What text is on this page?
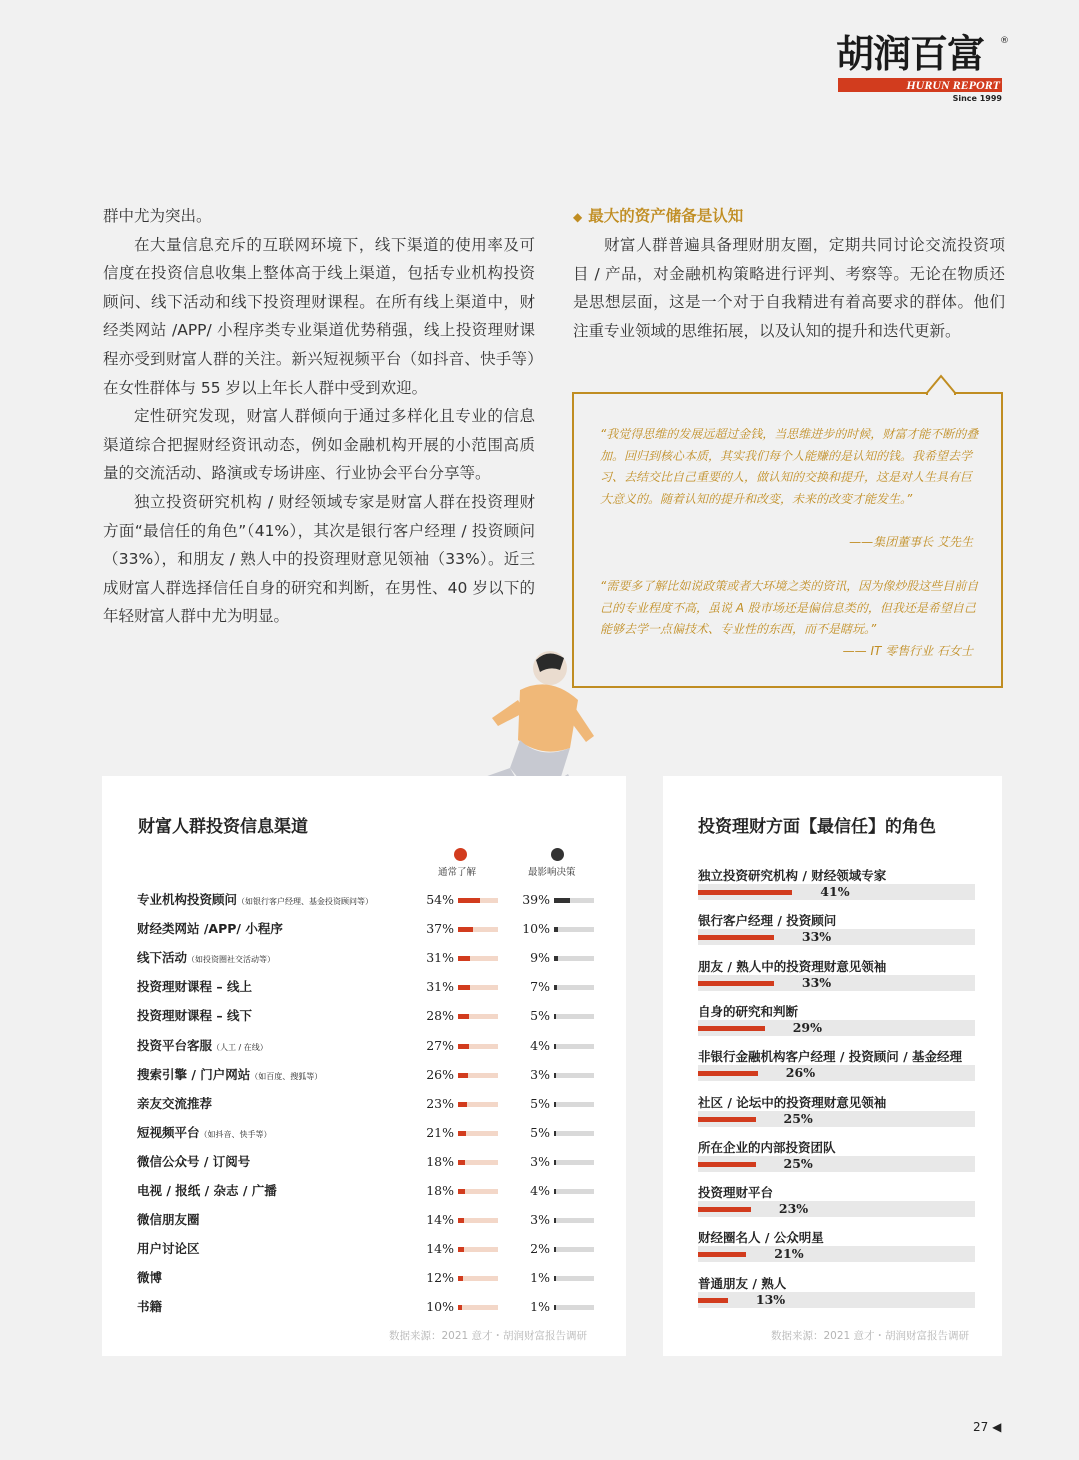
胡润百富	®
HURUN REPORT
Since 1999

群中尤为突出。

在大量信息充斥的互联网环境下，线下渠道的使用率及可信度在投资信息收集上整体高于线上渠道，包括专业机构投资顾问、线下活动和线下投资理财课程。在所有线上渠道中，财经类网站 /APP/ 小程序类专业渠道优势稍强，线上投资理财课程亦受到财富人群的关注。新兴短视频平台（如抖音、快手等）在女性群体与 55 岁以上年长人群中受到欢迎。

定性研究发现，财富人群倾向于通过多样化且专业的信息渠道综合把握财经资讯动态，例如金融机构开展的小范围高质量的交流活动、路演或专场讲座、行业协会平台分享等。

独立投资研究机构 / 财经领域专家是财富人群在投资理财方面“最信任的角色”（41%），其次是银行客户经理 / 投资顾问（33%），和朋友 / 熟人中的投资理财意见领袖（33%）。近三成财富人群选择信任自身的研究和判断，在男性、40 岁以下的年轻财富人群中尤为明显。

◆ 最大的资产储备是认知

财富人群普遍具备理财朋友圈，定期共同讨论交流投资项目 / 产品，对金融机构策略进行评判、考察等。无论在物质还是思想层面，这是一个对于自我精进有着高要求的群体。他们注重专业领域的思维拓展，以及认知的提升和迭代更新。

“我觉得思维的发展远超过金钱，当思维进步的时候，财富才能不断的叠加。回归到核心本质，其实我们每个人能赚的是认知的钱。我希望去学习、去结交比自己重要的人，做认知的交换和提升，这是对人生具有巨大意义的。随着认知的提升和改变，未来的改变才能发生。”
——集团董事长 艾先生
“需要多了解比如说政策或者大环境之类的资讯，因为像炒股这些目前自己的专业程度不高，虽说 A 股市场还是偏信息类的，但我还是希望自己能够去学一点偏技术、专业性的东西，而不是瞎玩。”
—— IT 零售行业 石女士
财富人群投资信息渠道
通常了解	最影响决策
专业机构投资顾问（如银行客户经理、基金投资顾问等）	54%	39%
财经类网站 /APP/ 小程序	37%	10%
线下活动（如投资圈社交活动等）	31%	9%
投资理财课程 – 线上	31%	7%
投资理财课程 – 线下	28%	5%
投资平台客服（人工 / 在线）	27%	4%
搜索引擎 / 门户网站（如百度、搜狐等）	26%	3%
亲友交流推荐	23%	5%
短视频平台（如抖音、快手等）	21%	5%
微信公众号 / 订阅号	18%	3%
电视 / 报纸 / 杂志 / 广播	18%	4%
微信朋友圈	14%	3%
用户讨论区	14%	2%
微博	12%	1%
书籍	10%	1%
数据来源：2021 意才・胡润财富报告调研
投资理财方面【最信任】的角色
独立投资研究机构 / 财经领域专家
41%
银行客户经理 / 投资顾问
33%
朋友 / 熟人中的投资理财意见领袖
33%
自身的研究和判断
29%
非银行金融机构客户经理 / 投资顾问 / 基金经理
26%
社区 / 论坛中的投资理财意见领袖
25%
所在企业的内部投资团队
25%
投资理财平台
23%
财经圈名人 / 公众明星
21%
普通朋友 / 熟人
13%
数据来源：2021 意才・胡润财富报告调研
27 ◀
